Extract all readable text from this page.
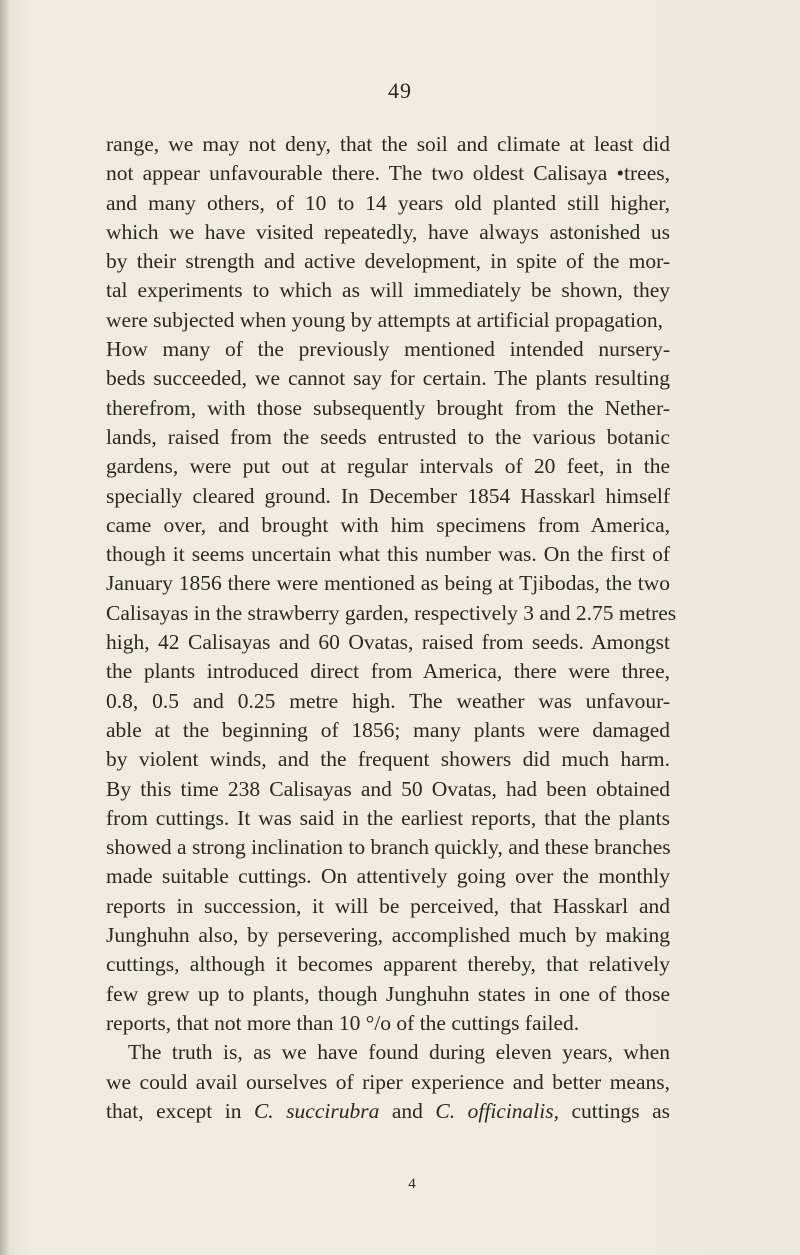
49
range, we may not deny, that the soil and climate at least did
not appear unfavourable there. The two oldest Calisaya •trees,
and many others, of 10 to 14 years old planted still higher,
which we have visited repeatedly, have always astonished us
by their strength and active development, in spite of the mor-
tal experiments to which as will immediately be shown, they
were subjected when young by attempts at artificial propagation,
How many of the previously mentioned intended nursery-
beds succeeded, we cannot say for certain. The plants resulting
therefrom, with those subsequently brought from the Nether-
lands, raised from the seeds entrusted to the various botanic
gardens, were put out at regular intervals of 20 feet, in the
specially cleared ground. In December 1854 Hasskarl himself
came over, and brought with him specimens from America,
though it seems uncertain what this number was. On the first of
January 1856 there were mentioned as being at Tjibodas, the two
Calisayas in the strawberry garden, respectively 3 and 2.75 metres
high, 42 Calisayas and 60 Ovatas, raised from seeds. Amongst
the plants introduced direct from America, there were three,
0.8, 0.5 and 0.25 metre high. The weather was unfavour-
able at the beginning of 1856; many plants were damaged
by violent winds, and the frequent showers did much harm.
By this time 238 Calisayas and 50 Ovatas, had been obtained
from cuttings. It was said in the earliest reports, that the plants
showed a strong inclination to branch quickly, and these branches
made suitable cuttings. On attentively going over the monthly
reports in succession, it will be perceived, that Hasskarl and
Junghuhn also, by persevering, accomplished much by making
cuttings, although it becomes apparent thereby, that relatively
few grew up to plants, though Junghuhn states in one of those
reports, that not more than 10 °/o of the cuttings failed.
The truth is, as we have found during eleven years, when
we could avail ourselves of riper experience and better means,
that, except in C. succirubra and C. officinalis, cuttings as
4
